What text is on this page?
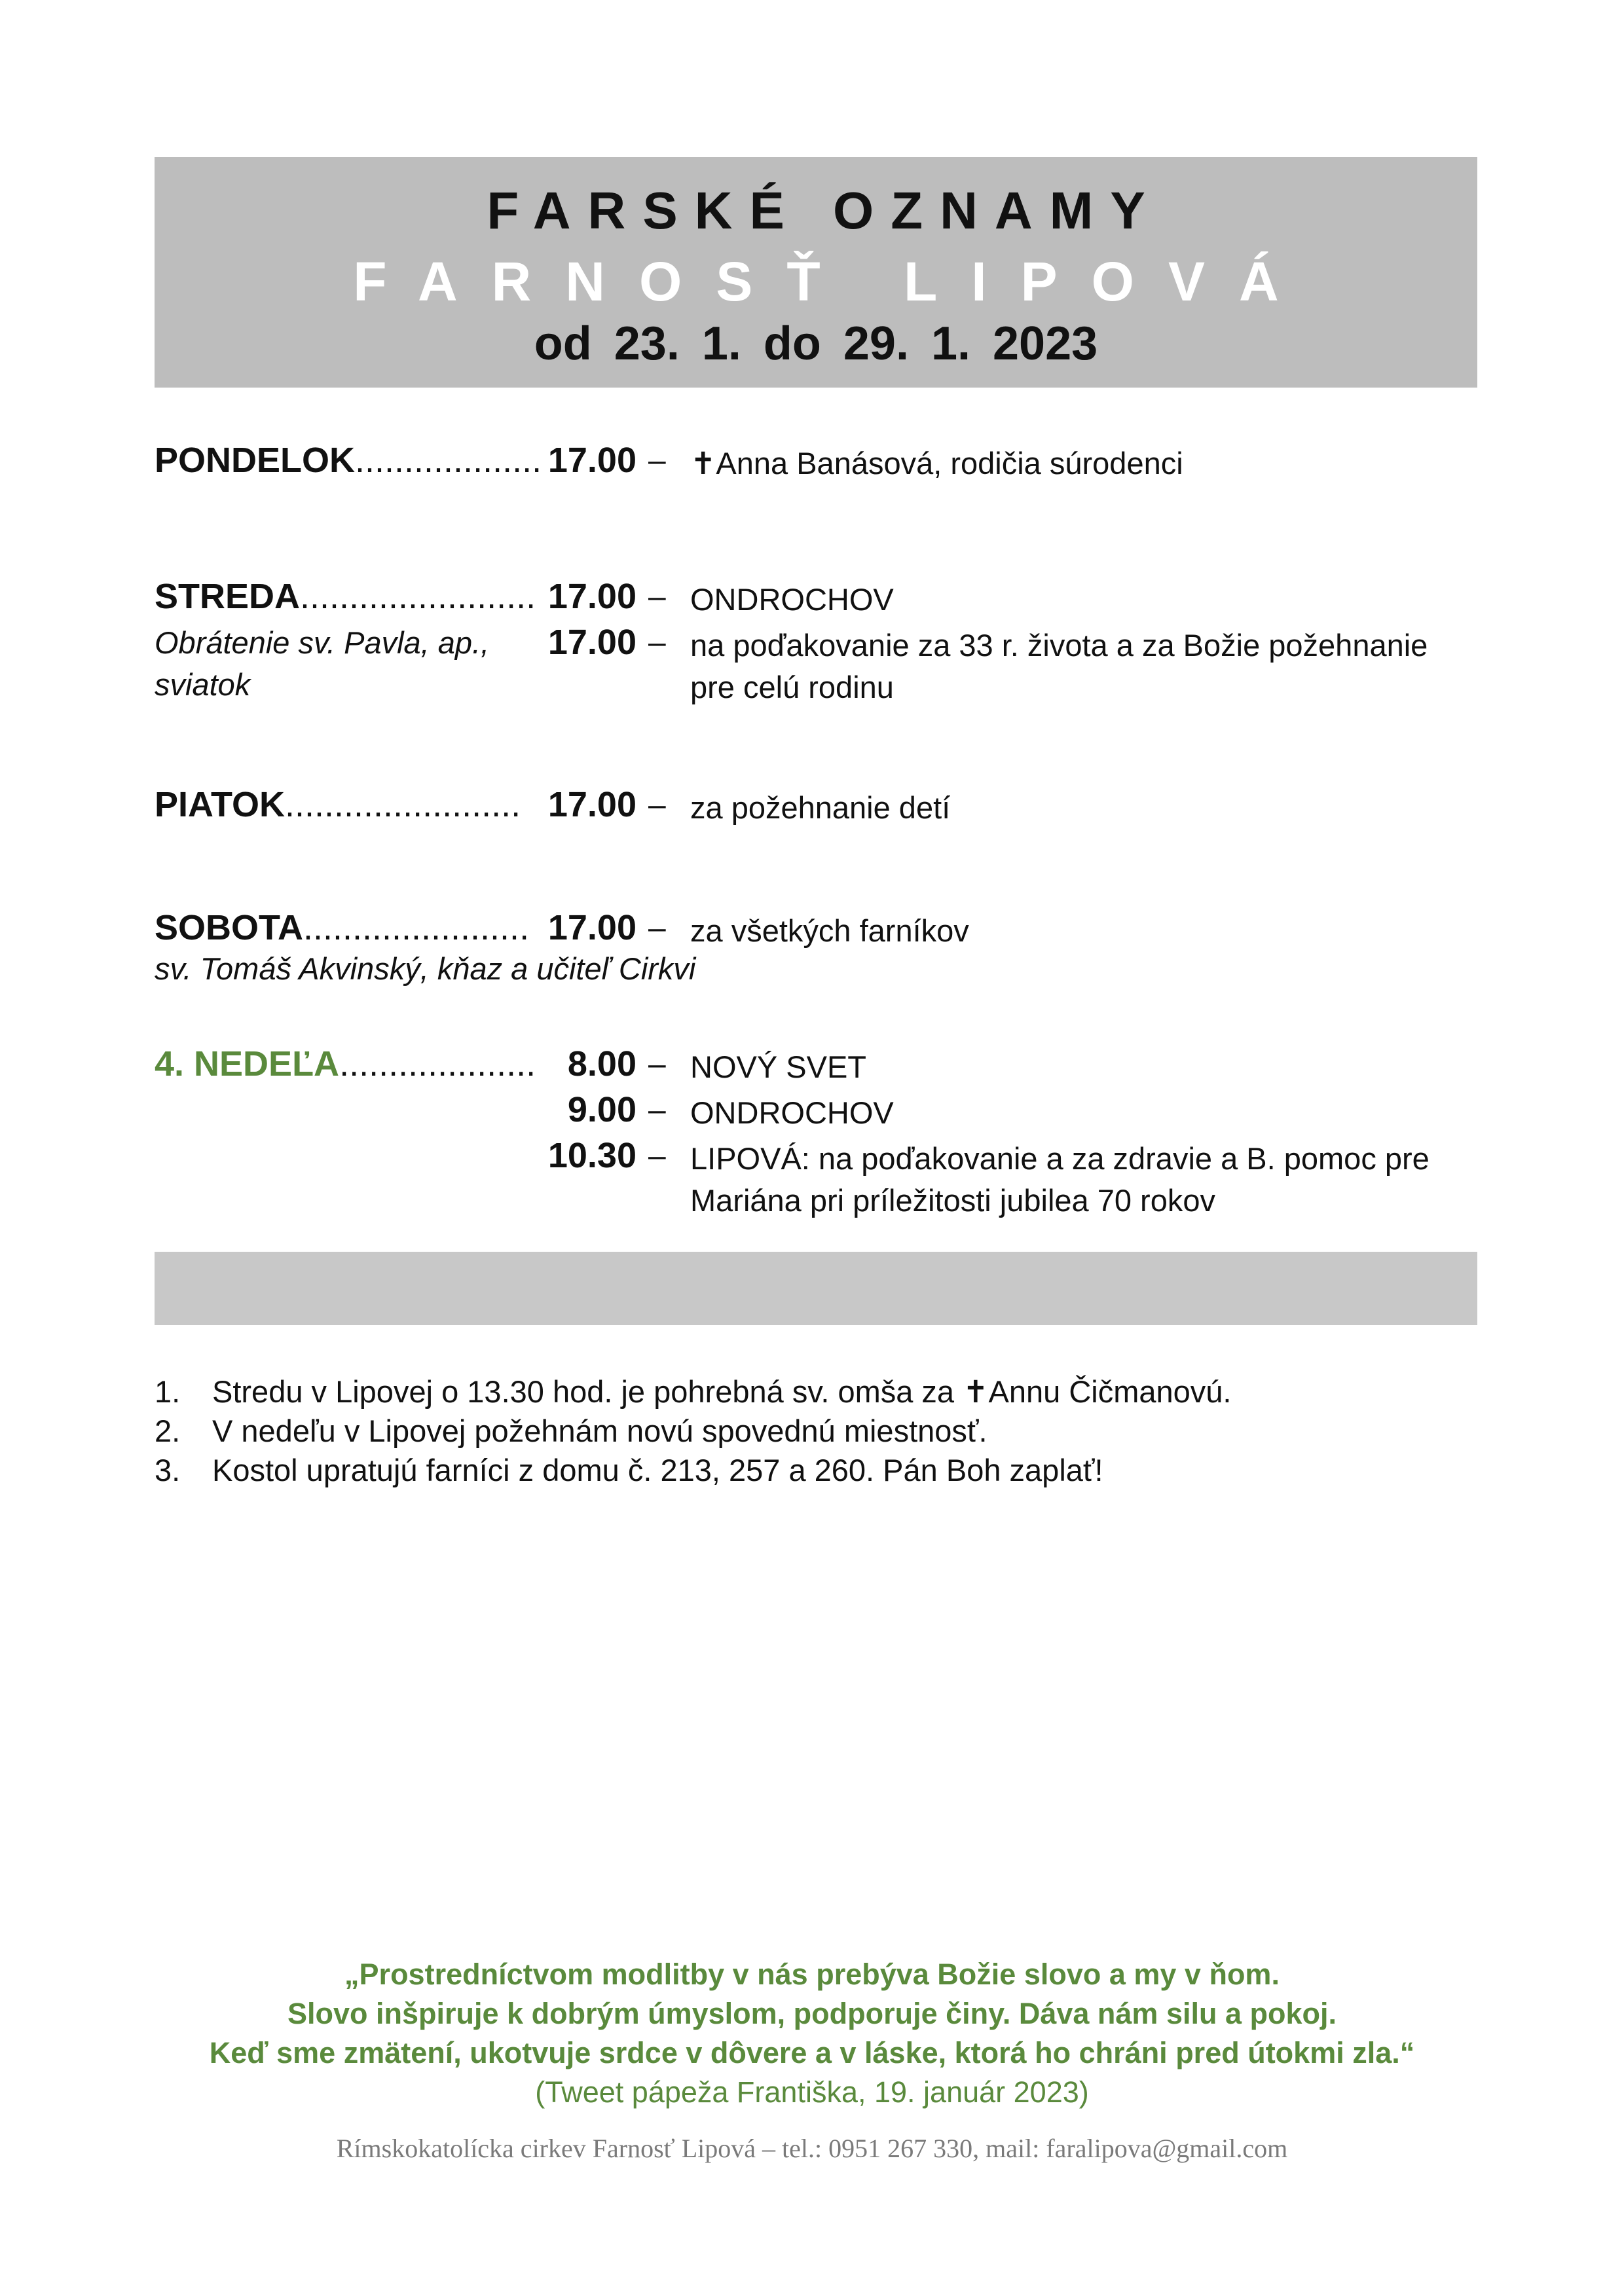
FARSKÉ OZNAMY
FARNOSŤ LIPOVÁ
od 23. 1. do 29. 1. 2023
PONDELOK................... 17.00 – ✝Anna Banásová, rodičia súrodenci
STREDA........................ 17.00 – ONDROCHOV
Obrátenie sv. Pavla, ap., sviatok
17.00 – na poďakovanie za 33 r. života a za Božie požehnanie pre celú rodinu
PIATOK........................ 17.00 – za požehnanie detí
SOBOTA....................... 17.00 – za všetkých farníkov
sv. Tomáš Akvinský, kňaz a učiteľ Cirkvi
4. NEDEĽA.................... 8.00 – NOVÝ SVET
9.00 – ONDROCHOV
10.30 – LIPOVÁ: na poďakovanie a za zdravie a B. pomoc pre Mariána pri príležitosti jubilea 70 rokov
1. Stredu v Lipovej o 13.30 hod. je pohrebná sv. omša za ✝Annu Čičmanovú.
2. V nedeľu v Lipovej požehnám novú spovednú miestnosť.
3. Kostol upratujú farníci z domu č. 213, 257 a 260. Pán Boh zaplať!
„Prostredníctvom modlitby v nás prebýva Božie slovo a my v ňom.
Slovo inšpiruje k dobrým úmyslom, podporuje činy. Dáva nám silu a pokoj.
Keď sme zmätení, ukotvuje srdce v dôvere a v láske, ktorá ho chráni pred útokmi zla.“
(Tweet pápeža Františka, 19. január 2023)
Rímskokatolícka cirkev Farnosť Lipová – tel.: 0951 267 330, mail: faralipova@gmail.com
